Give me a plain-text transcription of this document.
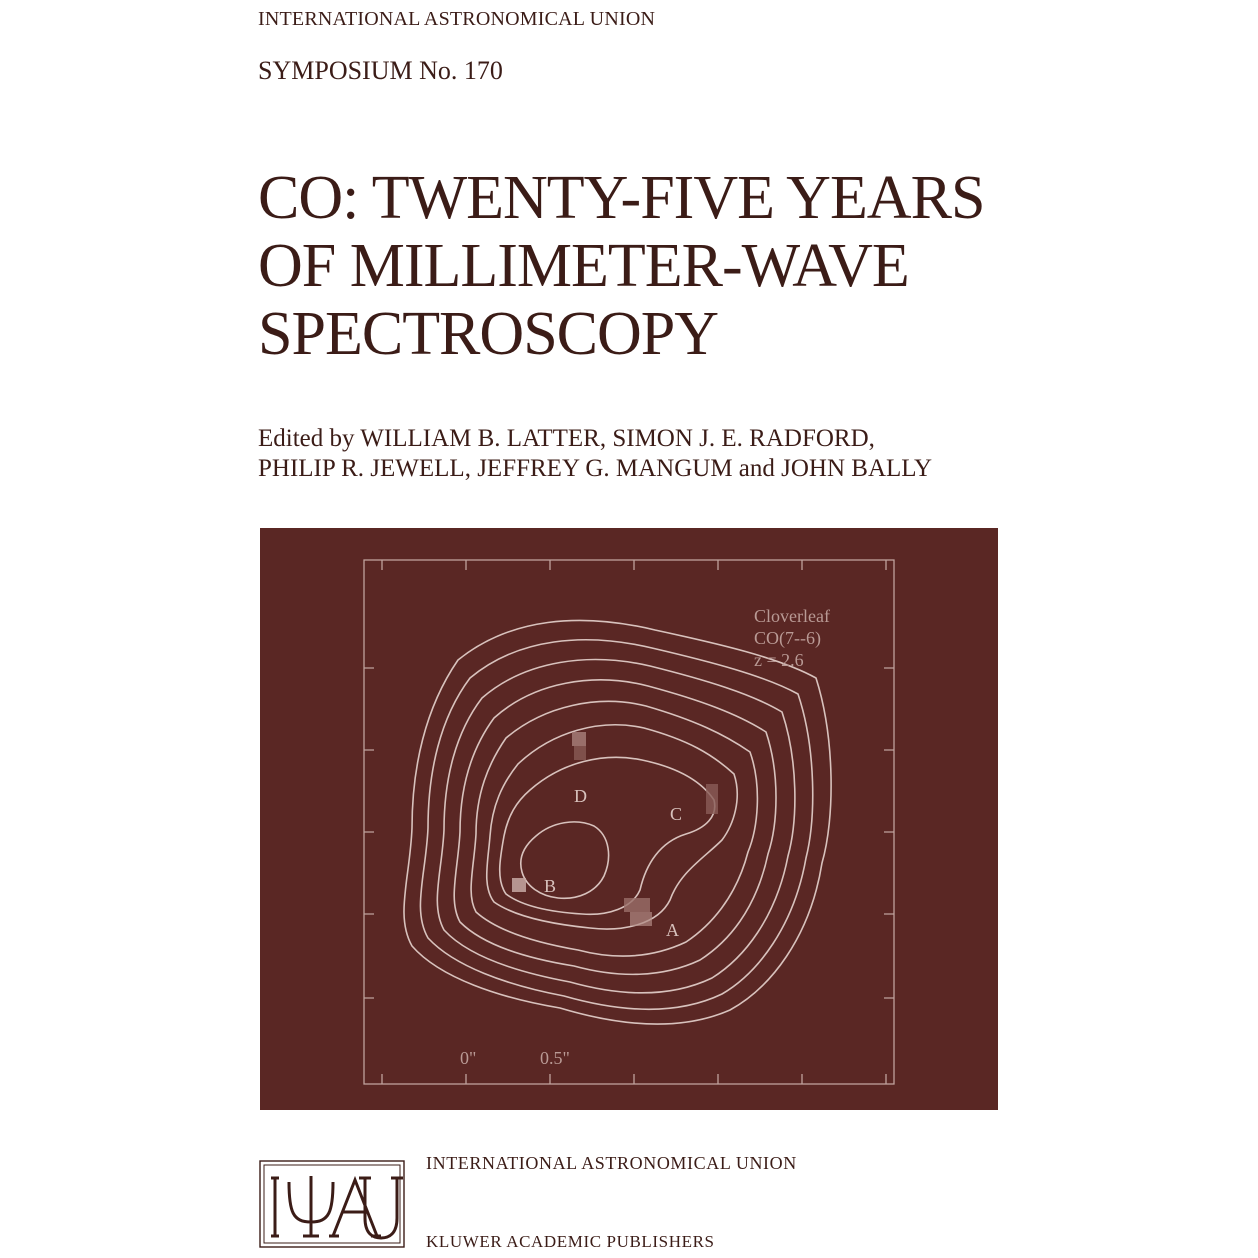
INTERNATIONAL ASTRONOMICAL UNION
SYMPOSIUM No. 170
CO: TWENTY-FIVE YEARS
OF MILLIMETER-WAVE
SPECTROSCOPY
Edited by WILLIAM B. LATTER, SIMON J. E. RADFORD,
PHILIP R. JEWELL, JEFFREY G. MANGUM and JOHN BALLY
A
B
C
D
Cloverleaf
CO(7--6)
z = 2.6
0"	0.5"
IAU
INTERNATIONAL ASTRONOMICAL UNION
KLUWER ACADEMIC PUBLISHERS
